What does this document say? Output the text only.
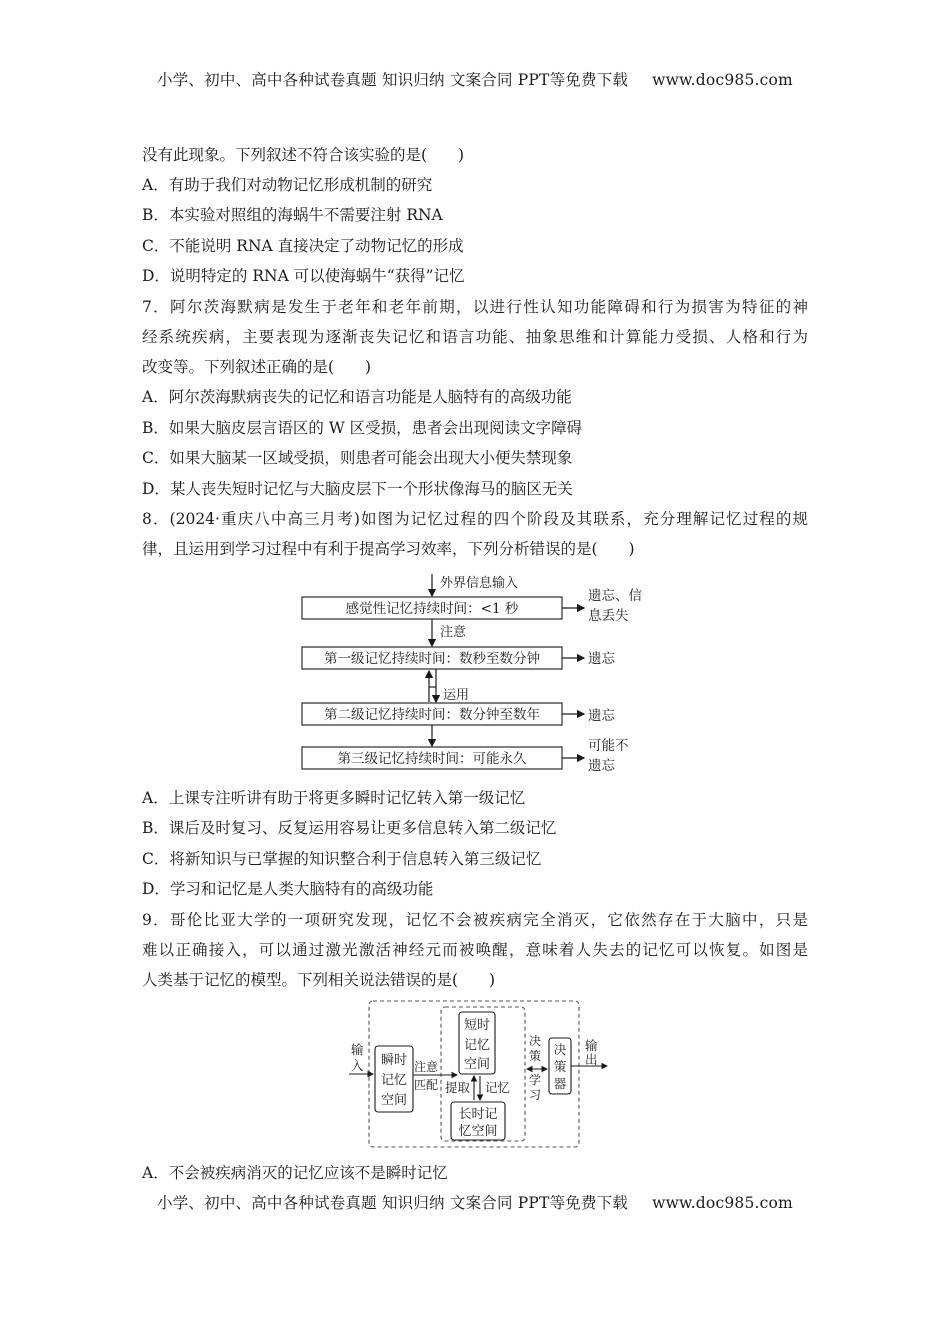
小学、初中、高中各种试卷真题 知识归纳 文案合同 PPT等免费下载 www.doc985.com
没有此现象。下列叙述不符合该实验的是(　　)
A．有助于我们对动物记忆形成机制的研究
B．本实验对照组的海蜗牛不需要注射 RNA
C．不能说明 RNA 直接决定了动物记忆的形成
D．说明特定的 RNA 可以使海蜗牛“获得”记忆
7．阿尔茨海默病是发生于老年和老年前期，以进行性认知功能障碍和行为损害为特征的神
经系统疾病，主要表现为逐渐丧失记忆和语言功能、抽象思维和计算能力受损、人格和行为
改变等。下列叙述正确的是(　　)
A．阿尔茨海默病丧失的记忆和语言功能是人脑特有的高级功能
B．如果大脑皮层言语区的 W 区受损，患者会出现阅读文字障碍
C．如果大脑某一区域受损，则患者可能会出现大小便失禁现象
D．某人丧失短时记忆与大脑皮层下一个形状像海马的脑区无关
8．(2024·重庆八中高三月考)如图为记忆过程的四个阶段及其联系，充分理解记忆过程的规
律，且运用到学习过程中有利于提高学习效率，下列分析错误的是(　　)
外界信息输入
感觉性记忆持续时间：<1 秒
遗忘、信
息丢失
注意
第一级记忆持续时间：数秒至数分钟	遗忘
运用
第二级记忆持续时间：数分钟至数年	遗忘
第三级记忆持续时间：可能永久
可能不
遗忘
A．上课专注听讲有助于将更多瞬时记忆转入第一级记忆
B．课后及时复习、反复运用容易让更多信息转入第二级记忆
C．将新知识与已掌握的知识整合利于信息转入第三级记忆
D．学习和记忆是人类大脑特有的高级功能
9．哥伦比亚大学的一项研究发现，记忆不会被疾病完全消灭，它依然存在于大脑中，只是
难以正确接入，可以通过激光激活神经元而被唤醒，意味着人失去的记忆可以恢复。如图是
人类基于记忆的模型。下列相关说法错误的是(　　)
输
入 瞬时
记忆
空间
注意
匹配
短时
记忆
空间
提取 记忆
长时记
忆空间
决
策
学
习
决
策
器
输
出
A．不会被疾病消灭的记忆应该不是瞬时记忆
小学、初中、高中各种试卷真题 知识归纳 文案合同 PPT等免费下载 www.doc985.com
